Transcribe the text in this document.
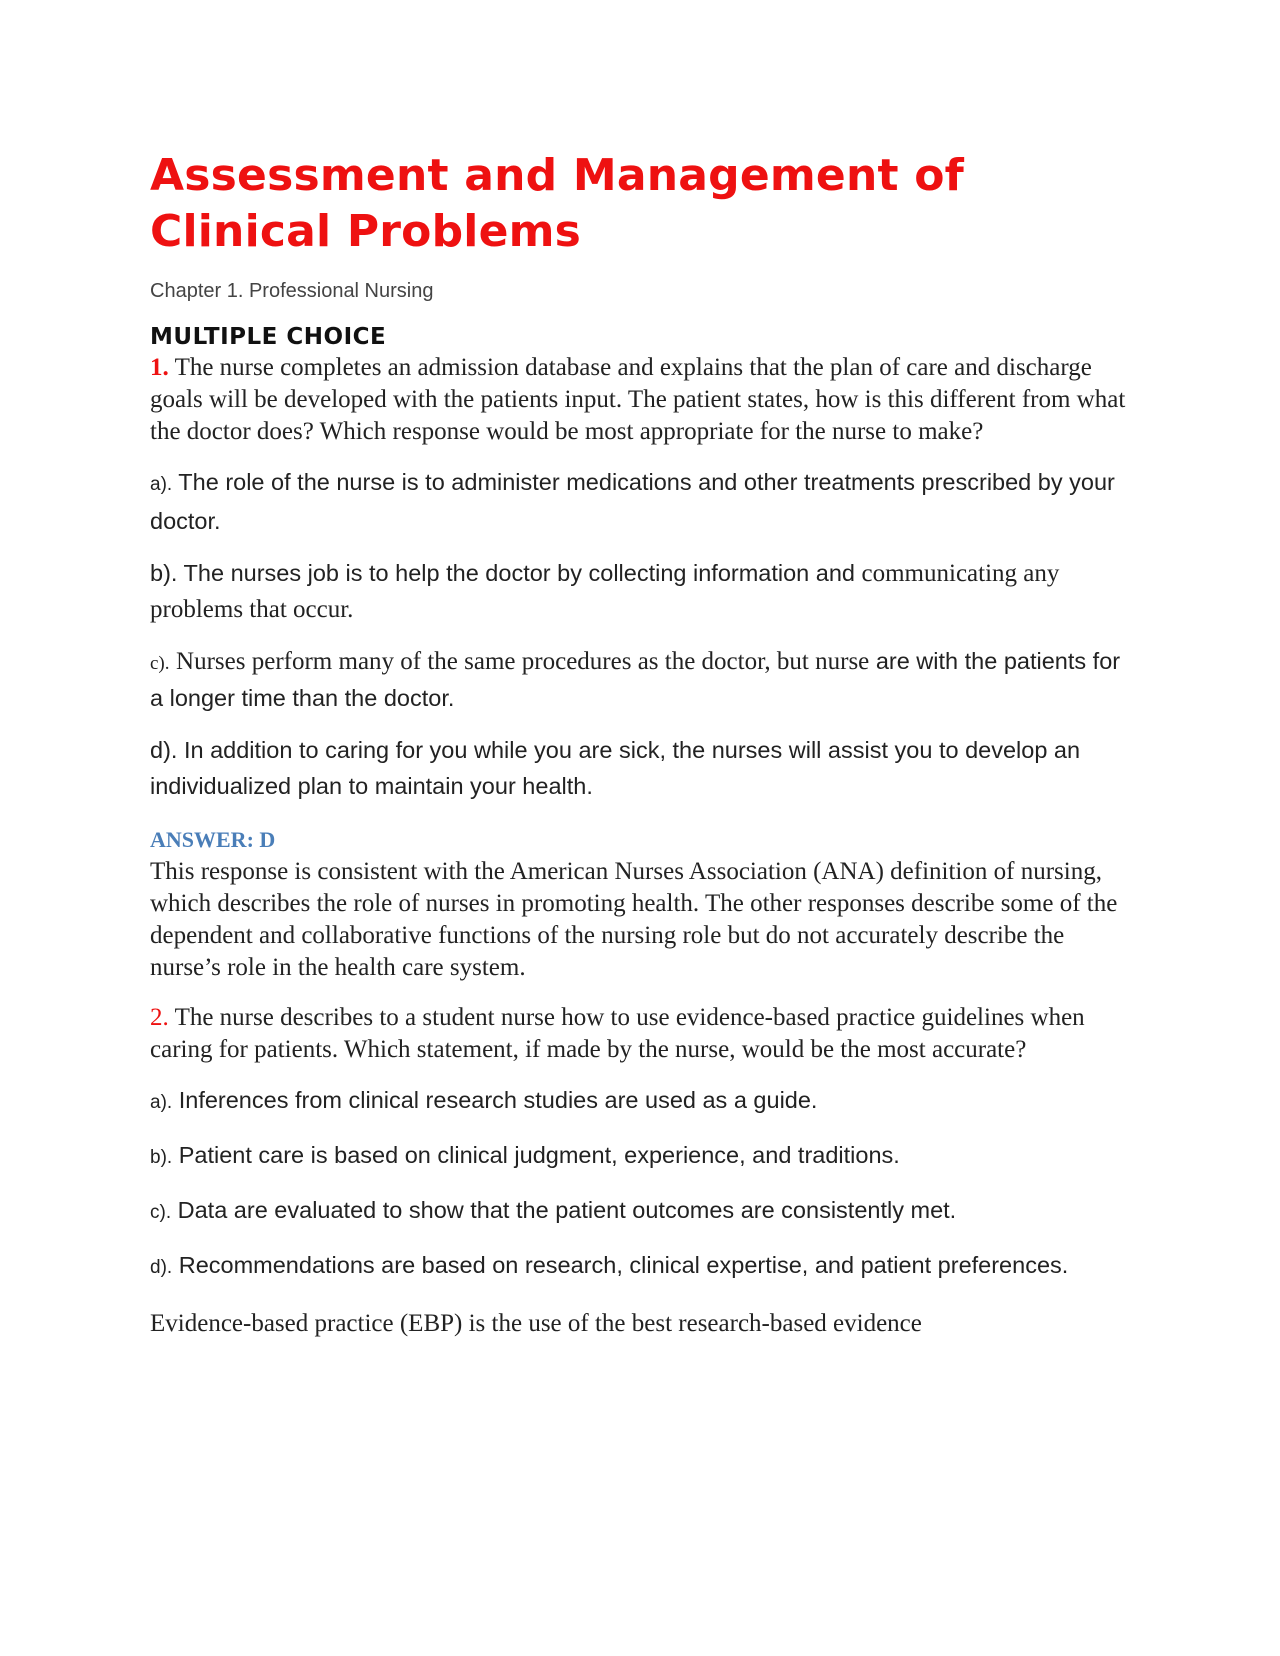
Assessment and Management of Clinical Problems

Chapter 1. Professional Nursing

MULTIPLE CHOICE

1. The nurse completes an admission database and explains that the plan of care and discharge goals will be developed with the patients input. The patient states, how is this different from what the doctor does? Which response would be most appropriate for the nurse to make?

a). The role of the nurse is to administer medications and other treatments prescribed by your doctor.

b). The nurses job is to help the doctor by collecting information and communicating any problems that occur.

c). Nurses perform many of the same procedures as the doctor, but nurse are with the patients for a longer time than the doctor.

d). In addition to caring for you while you are sick, the nurses will assist you to develop an individualized plan to maintain your health.

ANSWER: D

This response is consistent with the American Nurses Association (ANA) definition of nursing, which describes the role of nurses in promoting health. The other responses describe some of the dependent and collaborative functions of the nursing role but do not accurately describe the nurse’s role in the health care system.

2. The nurse describes to a student nurse how to use evidence-based practice guidelines when caring for patients. Which statement, if made by the nurse, would be the most accurate?

a). Inferences from clinical research studies are used as a guide.

b). Patient care is based on clinical judgment, experience, and traditions.

c). Data are evaluated to show that the patient outcomes are consistently met.

d). Recommendations are based on research, clinical expertise, and patient preferences.

Evidence-based practice (EBP) is the use of the best research-based evidence
